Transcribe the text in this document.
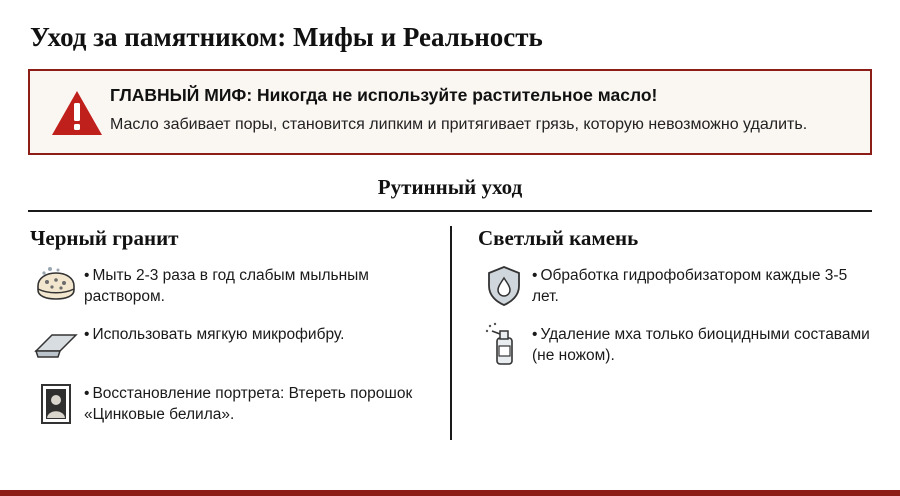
Уход за памятником: Мифы и Реальность
ГЛАВНЫЙ МИФ: Никогда не используйте растительное масло!
Масло забивает поры, становится липким и притягивает грязь, которую невозможно удалить.
Рутинный уход
Черный гранит
• Мыть 2-3 раза в год слабым мыльным раствором.
• Использовать мягкую микрофибру.
• Восстановление портрета: Втереть порошок «Цинковые белила».
Светлый камень
• Обработка гидрофобизатором каждые 3-5 лет.
• Удаление мха только биоцидными составами (не ножом).
